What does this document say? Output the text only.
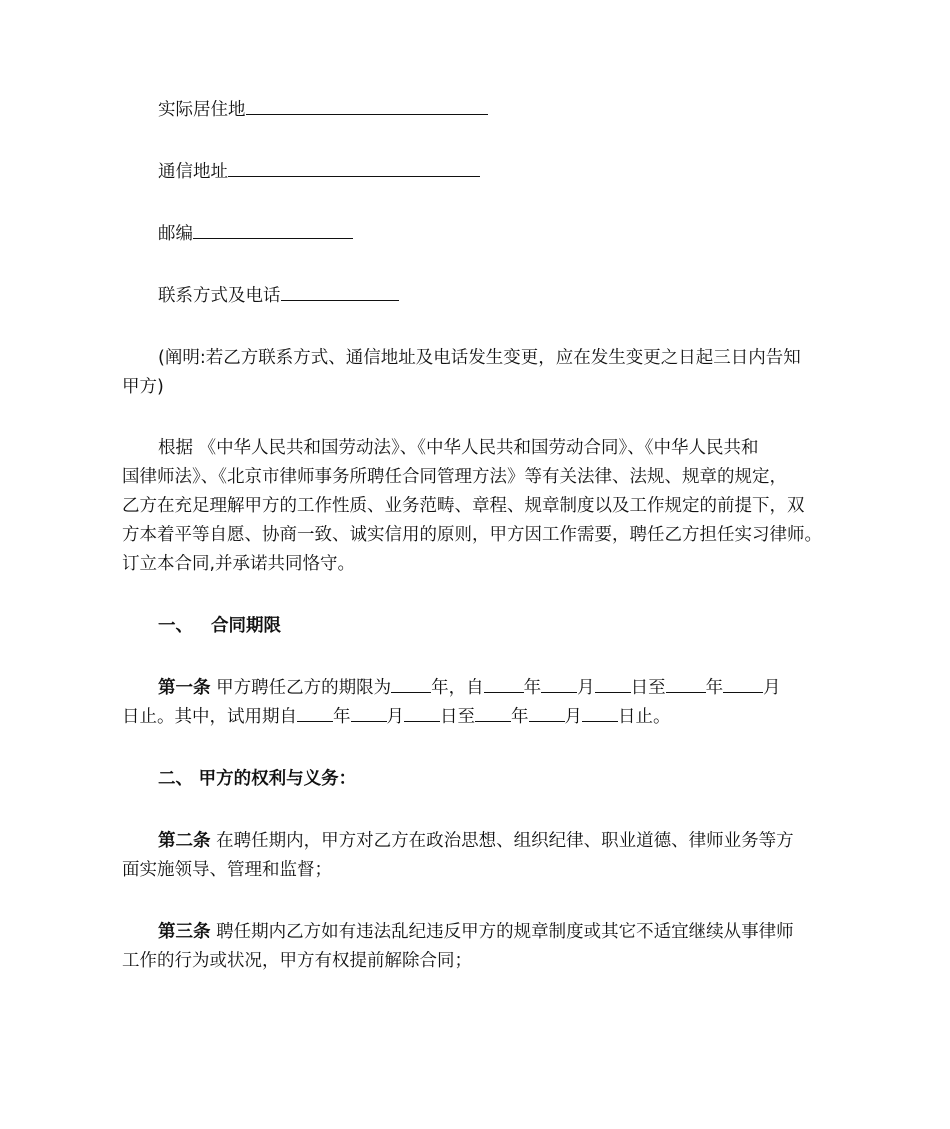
实际居住地
通信地址
邮编
联系方式及电话
(阐明:若乙方联系方式、通信地址及电话发生变更，应在发生变更之日起三日内告知
甲方)
根据 《中华人民共和国劳动法》、《中华人民共和国劳动合同》、《中华人民共和
国律师法》、《北京市律师事务所聘任合同管理方法》等有关法律、法规、规章的规定，
乙方在充足理解甲方的工作性质、业务范畴、章程、规章制度以及工作规定的前提下，双
方本着平等自愿、协商一致、诚实信用的原则，甲方因工作需要，聘任乙方担任实习律师。
订立本合同,并承诺共同恪守。
一、 合同期限
第一条 甲方聘任乙方的期限为 年，自 年 月 日至 年 月
日止。其中，试用期自 年 月 日至 年 月 日止。
二、 甲方的权利与义务：
第二条 在聘任期内，甲方对乙方在政治思想、组织纪律、职业道德、律师业务等方
面实施领导、管理和监督；
第三条 聘任期内乙方如有违法乱纪违反甲方的规章制度或其它不适宜继续从事律师
工作的行为或状况，甲方有权提前解除合同；
